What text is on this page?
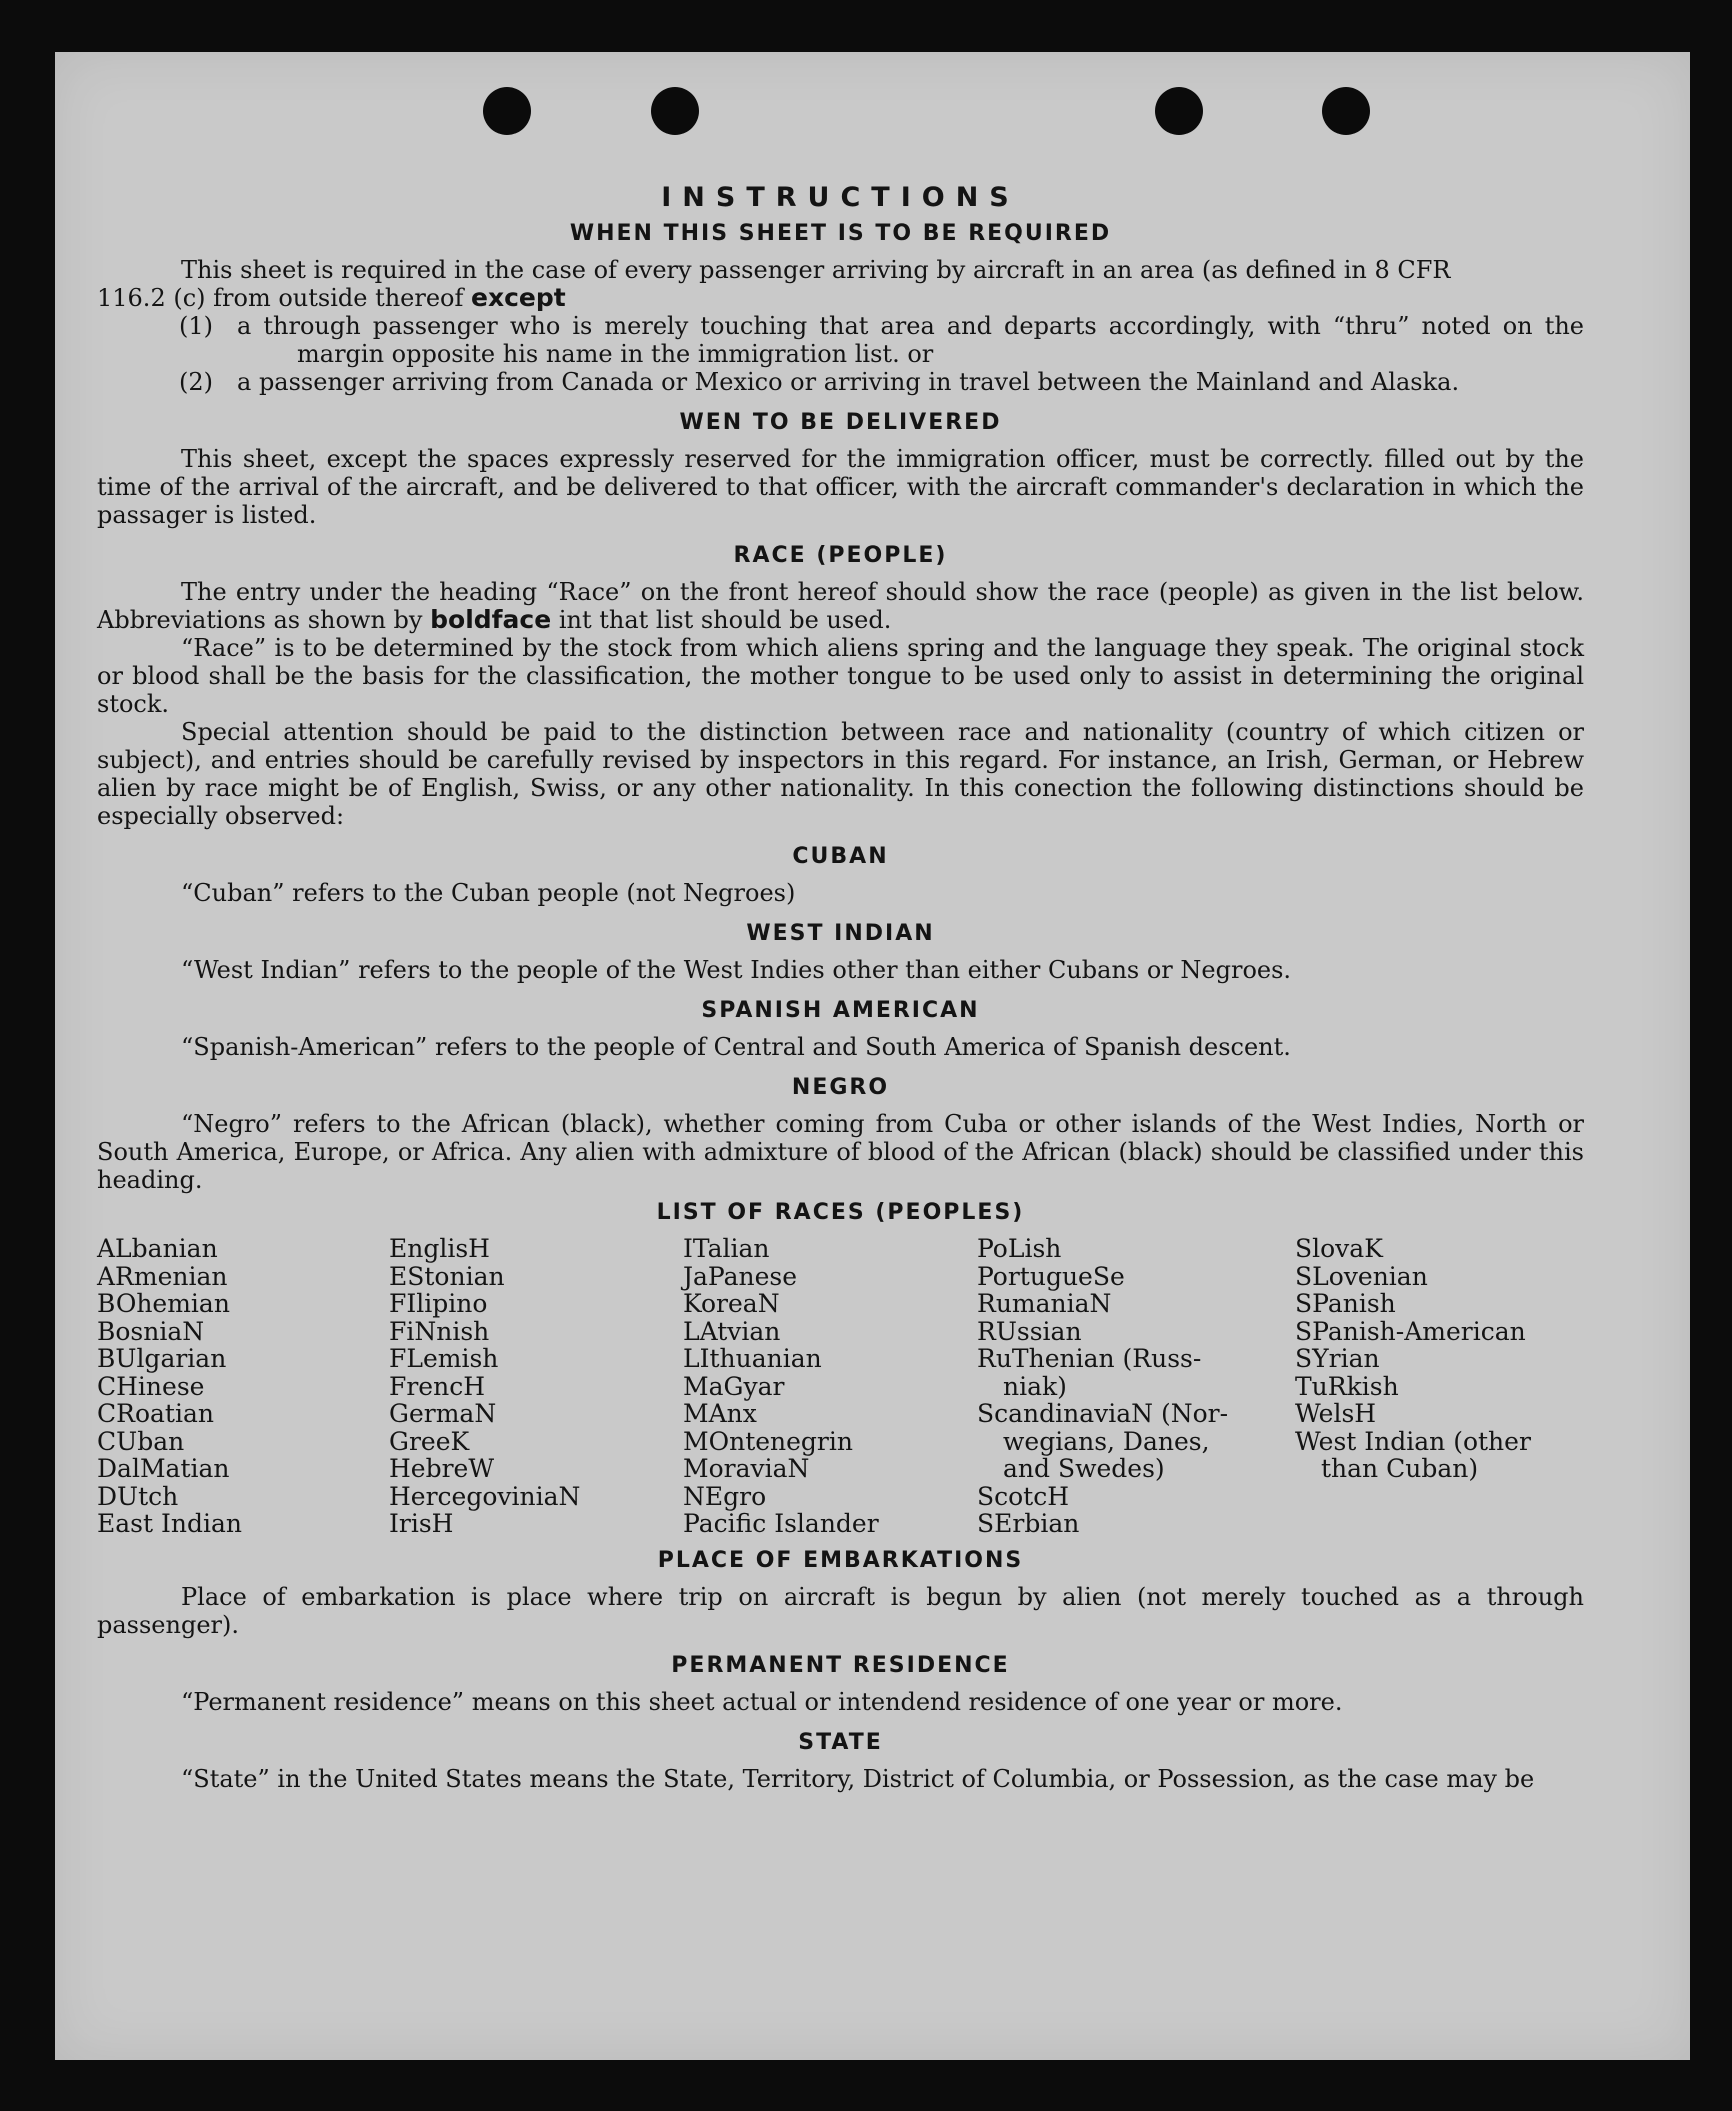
INSTRUCTIONS
WHEN THIS SHEET IS TO BE REQUIRED

This sheet is required in the case of every passenger arriving by aircraft in an area (as defined in 8 CFR

116.2 (c) from outside thereof except

(1) a through passenger who is merely touching that area and departs accordingly, with “thru” noted on the margin opposite his name in the immigration list. or

(2) a passenger arriving from Canada or Mexico or arriving in travel between the Mainland and Alaska.

WEN TO BE DELIVERED

This sheet, except the spaces expressly reserved for the immigration officer, must be correctly. filled out by the time of the arrival of the aircraft, and be delivered to that officer, with the aircraft commander's declaration in which the passager is listed.

RACE (PEOPLE)

The entry under the heading “Race” on the front hereof should show the race (people) as given in the list below. Abbreviations as shown by boldface int that list should be used.

“Race” is to be determined by the stock from which aliens spring and the language they speak. The original stock or blood shall be the basis for the classification, the mother tongue to be used only to assist in determining the original stock.

Special attention should be paid to the distinction between race and nationality (country of which citizen or subject), and entries should be carefully revised by inspectors in this regard. For instance, an Irish, German, or Hebrew alien by race might be of English, Swiss, or any other nationality. In this conection the following distinctions should be especially observed:

CUBAN
“Cuban” refers to the Cuban people (not Negroes)
WEST INDIAN
“West Indian” refers to the people of the West Indies other than either Cubans or Negroes.
SPANISH AMERICAN
“Spanish-American” refers to the people of Central and South America of Spanish descent.
NEGRO

“Negro” refers to the African (black), whether coming from Cuba or other islands of the West Indies, North or South America, Europe, or Africa. Any alien with admixture of blood of the African (black) should be classified under this heading.

LIST OF RACES (PEOPLES)
ALbanian
ARmenian
BOhemian
BosniaN
BUlgarian
CHinese
CRoatian
CUban
DalMatian
DUtch
East Indian
EnglisH
EStonian
FIlipino
FiNnish
FLemish
FrencH
GermaN
GreeK
HebreW
HercegoviniaN
IrisH
ITalian
JaPanese
KoreaN
LAtvian
LIthuanian
MaGyar
MAnx
MOntenegrin
MoraviaN
NEgro
Pacific Islander
PoLish
PortugueSe
RumaniaN
RUssian
RuThenian (Russ-
niak)
ScandinaviaN (Nor-
wegians, Danes,
and Swedes)
ScotcH
SErbian
SlovaK
SLovenian
SPanish
SPanish-American
SYrian
TuRkish
WelsH
West Indian (other
than Cuban)
PLACE OF EMBARKATIONS

Place of embarkation is place where trip on aircraft is begun by alien (not merely touched as a through passenger).

PERMANENT RESIDENCE
“Permanent residence” means on this sheet actual or intendend residence of one year or more.
STATE

“State” in the United States means the State, Territory, District of Columbia, or Possession, as the case may be
